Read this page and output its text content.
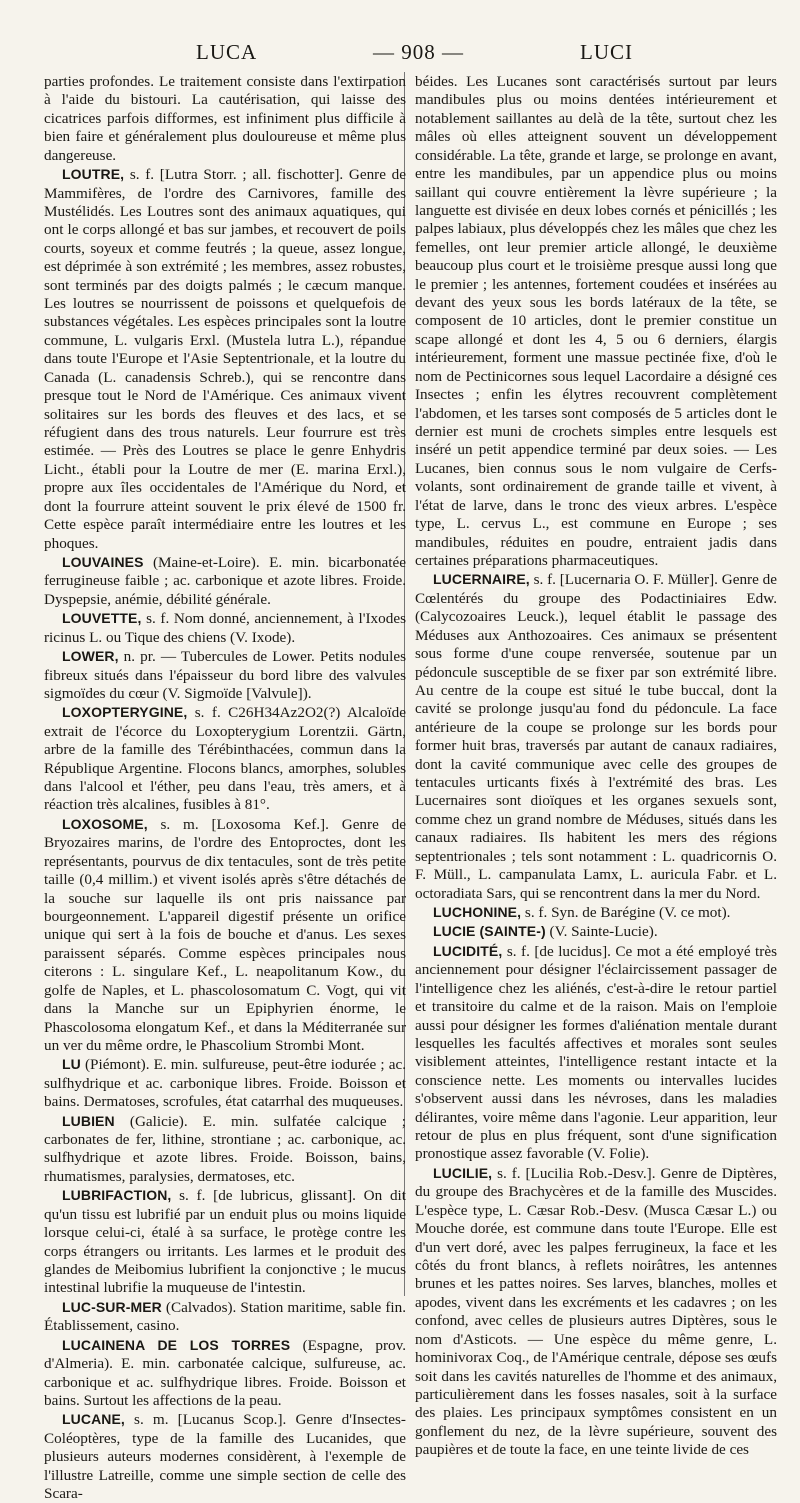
LUCA	— 908 —	LUCI

parties profondes. Le traitement consiste dans l'extirpation à l'aide du bistouri. La cautérisation, qui laisse des cicatrices parfois difformes, est infiniment plus difficile à bien faire et généralement plus douloureuse et même plus dangereuse.

LOUTRE, s. f. [Lutra Storr. ; all. fischotter]. Genre de Mammifères, de l'ordre des Carnivores, famille des Mustélidés. Les Loutres sont des animaux aquatiques, qui ont le corps allongé et bas sur jambes, et recouvert de poils courts, soyeux et comme feutrés ; la queue, assez longue, est déprimée à son extrémité ; les membres, assez robustes, sont terminés par des doigts palmés ; le cæcum manque. Les loutres se nourrissent de poissons et quelquefois de substances végétales. Les espèces principales sont la loutre commune, L. vulgaris Erxl. (Mustela lutra L.), répandue dans toute l'Europe et l'Asie Septentrionale, et la loutre du Canada (L. canadensis Schreb.), qui se rencontre dans presque tout le Nord de l'Amérique. Ces animaux vivent solitaires sur les bords des fleuves et des lacs, et se réfugient dans des trous naturels. Leur fourrure est très estimée. — Près des Loutres se place le genre Enhydris Licht., établi pour la Loutre de mer (E. marina Erxl.), propre aux îles occidentales de l'Amérique du Nord, et dont la fourrure atteint souvent le prix élevé de 1500 fr. Cette espèce paraît intermédiaire entre les loutres et les phoques.

LOUVAINES (Maine-et-Loire). E. min. bicarbonatée ferrugineuse faible ; ac. carbonique et azote libres. Froide. Dyspepsie, anémie, débilité générale.

LOUVETTE, s. f. Nom donné, anciennement, à l'Ixodes ricinus L. ou Tique des chiens (V. Ixode).

LOWER, n. pr. — Tubercules de Lower. Petits nodules fibreux situés dans l'épaisseur du bord libre des valvules sigmoïdes du cœur (V. Sigmoïde [Valvule]).

LOXOPTERYGINE, s. f. C26H34Az2O2(?) Alcaloïde extrait de l'écorce du Loxopterygium Lorentzii. Gärtn, arbre de la famille des Térébinthacées, commun dans la République Argentine. Flocons blancs, amorphes, solubles dans l'alcool et l'éther, peu dans l'eau, très amers, et à réaction très alcalines, fusibles à 81°.

LOXOSOME, s. m. [Loxosoma Kef.]. Genre de Bryozaires marins, de l'ordre des Entoproctes, dont les représentants, pourvus de dix tentacules, sont de très petite taille (0,4 millim.) et vivent isolés après s'être détachés de la souche sur laquelle ils ont pris naissance par bourgeonnement. L'appareil digestif présente un orifice unique qui sert à la fois de bouche et d'anus. Les sexes paraissent séparés. Comme espèces principales nous citerons : L. singulare Kef., L. neapolitanum Kow., du golfe de Naples, et L. phascolosomatum C. Vogt, qui vit dans la Manche sur un Epiphyrien énorme, le Phascolosoma elongatum Kef., et dans la Méditerranée sur un ver du même ordre, le Phascolium Strombi Mont.

LU (Piémont). E. min. sulfureuse, peut-être iodurée ; ac. sulfhydrique et ac. carbonique libres. Froide. Boisson et bains. Dermatoses, scrofules, état catarrhal des muqueuses.

LUBIEN (Galicie). E. min. sulfatée calcique ; carbonates de fer, lithine, strontiane ; ac. carbonique, ac. sulfhydrique et azote libres. Froide. Boisson, bains, rhumatismes, paralysies, dermatoses, etc.

LUBRIFACTION, s. f. [de lubricus, glissant]. On dit qu'un tissu est lubrifié par un enduit plus ou moins liquide lorsque celui-ci, étalé à sa surface, le protège contre les corps étrangers ou irritants. Les larmes et le produit des glandes de Meibomius lubrifient la conjonctive ; le mucus intestinal lubrifie la muqueuse de l'intestin.

LUC-SUR-MER (Calvados). Station maritime, sable fin. Établissement, casino.

LUCAINENA DE LOS TORRES (Espagne, prov. d'Almeria). E. min. carbonatée calcique, sulfureuse, ac. carbonique et ac. sulfhydrique libres. Froide. Boisson et bains. Surtout les affections de la peau.

LUCANE, s. m. [Lucanus Scop.]. Genre d'Insectes-Coléoptères, type de la famille des Lucanides, que plusieurs auteurs modernes considèrent, à l'exemple de l'illustre Latreille, comme une simple section de celle des Scara-

béides. Les Lucanes sont caractérisés surtout par leurs mandibules plus ou moins dentées intérieurement et notablement saillantes au delà de la tête, surtout chez les mâles où elles atteignent souvent un développement considérable. La tête, grande et large, se prolonge en avant, entre les mandibules, par un appendice plus ou moins saillant qui couvre entièrement la lèvre supérieure ; la languette est divisée en deux lobes cornés et pénicillés ; les palpes labiaux, plus développés chez les mâles que chez les femelles, ont leur premier article allongé, le deuxième beaucoup plus court et le troisième presque aussi long que le premier ; les antennes, fortement coudées et insérées au devant des yeux sous les bords latéraux de la tête, se composent de 10 articles, dont le premier constitue un scape allongé et dont les 4, 5 ou 6 derniers, élargis intérieurement, forment une massue pectinée fixe, d'où le nom de Pectinicornes sous lequel Lacordaire a désigné ces Insectes ; enfin les élytres recouvrent complètement l'abdomen, et les tarses sont composés de 5 articles dont le dernier est muni de crochets simples entre lesquels est inséré un petit appendice terminé par deux soies. — Les Lucanes, bien connus sous le nom vulgaire de Cerfs-volants, sont ordinairement de grande taille et vivent, à l'état de larve, dans le tronc des vieux arbres. L'espèce type, L. cervus L., est commune en Europe ; ses mandibules, réduites en poudre, entraient jadis dans certaines préparations pharmaceutiques.

LUCERNAIRE, s. f. [Lucernaria O. F. Müller]. Genre de Cœlentérés du groupe des Podactiniaires Edw. (Calycozoaires Leuck.), lequel établit le passage des Méduses aux Anthozoaires. Ces animaux se présentent sous forme d'une coupe renversée, soutenue par un pédoncule susceptible de se fixer par son extrémité libre. Au centre de la coupe est situé le tube buccal, dont la cavité se prolonge jusqu'au fond du pédoncule. La face antérieure de la coupe se prolonge sur les bords pour former huit bras, traversés par autant de canaux radiaires, dont la cavité communique avec celle des groupes de tentacules urticants fixés à l'extrémité des bras. Les Lucernaires sont dioïques et les organes sexuels sont, comme chez un grand nombre de Méduses, situés dans les canaux radiaires. Ils habitent les mers des régions septentrionales ; tels sont notamment : L. quadricornis O. F. Müll., L. campanulata Lamx, L. auricula Fabr. et L. octoradiata Sars, qui se rencontrent dans la mer du Nord.

LUCHONINE, s. f. Syn. de Barégine (V. ce mot).

LUCIE (SAINTE-) (V. Sainte-Lucie).

LUCIDITÉ, s. f. [de lucidus]. Ce mot a été employé très anciennement pour désigner l'éclaircissement passager de l'intelligence chez les aliénés, c'est-à-dire le retour partiel et transitoire du calme et de la raison. Mais on l'emploie aussi pour désigner les formes d'aliénation mentale durant lesquelles les facultés affectives et morales sont seules visiblement atteintes, l'intelligence restant intacte et la conscience nette. Les moments ou intervalles lucides s'observent aussi dans les névroses, dans les maladies délirantes, voire même dans l'agonie. Leur apparition, leur retour de plus en plus fréquent, sont d'une signification pronostique assez favorable (V. Folie).

LUCILIE, s. f. [Lucilia Rob.-Desv.]. Genre de Diptères, du groupe des Brachycères et de la famille des Muscides. L'espèce type, L. Cæsar Rob.-Desv. (Musca Cæsar L.) ou Mouche dorée, est commune dans toute l'Europe. Elle est d'un vert doré, avec les palpes ferrugineux, la face et les côtés du front blancs, à reflets noirâtres, les antennes brunes et les pattes noires. Ses larves, blanches, molles et apodes, vivent dans les excréments et les cadavres ; on les confond, avec celles de plusieurs autres Diptères, sous le nom d'Asticots. — Une espèce du même genre, L. hominivorax Coq., de l'Amérique centrale, dépose ses œufs soit dans les cavités naturelles de l'homme et des animaux, particulièrement dans les fosses nasales, soit à la surface des plaies. Les principaux symptômes consistent en un gonflement du nez, de la lèvre supérieure, souvent des paupières et de toute la face, en une teinte livide de ces
